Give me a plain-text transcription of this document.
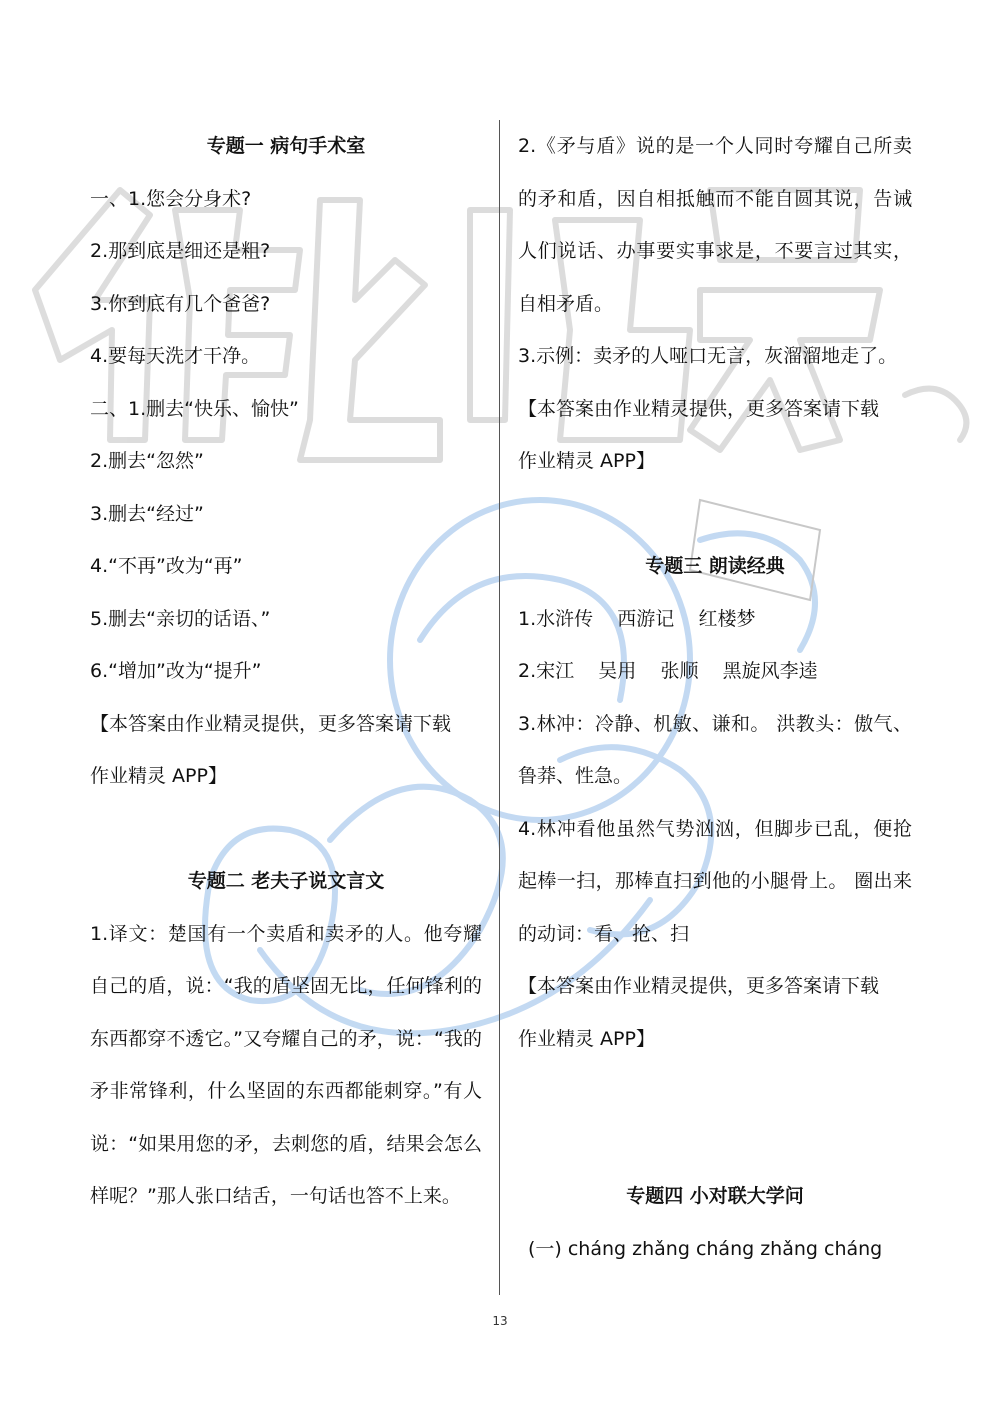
专题一 病句手术室
一、1.您会分身术?
2.那到底是细还是粗?
3.你到底有几个爸爸?
4.要每天洗才干净。
二、1.删去“快乐、愉快”
2.删去“忽然”
3.删去“经过”
4.“不再”改为“再”
5.删去“亲切的话语、”
6.“增加”改为“提升”
【本答案由作业精灵提供，更多答案请下载
作业精灵 APP】
专题二 老夫子说文言文
1.译文：楚国有一个卖盾和卖矛的人。他夸耀自己的盾，说：“我的盾坚固无比，任何锋利的东西都穿不透它。”又夸耀自己的矛，说：“我的矛非常锋利，什么坚固的东西都能刺穿。”有人说：“如果用您的矛，去刺您的盾，结果会怎么样呢？”那人张口结舌，一句话也答不上来。
2.《矛与盾》说的是一个人同时夸耀自己所卖的矛和盾，因自相抵触而不能自圆其说，告诫人们说话、办事要实事求是，不要言过其实，自相矛盾。
3.示例：卖矛的人哑口无言，灰溜溜地走了。
【本答案由作业精灵提供，更多答案请下载
作业精灵 APP】
专题三 朗读经典
1.水浒传    西游记    红楼梦
2.宋江    吴用    张顺    黑旋风李逵
3.林冲：冷静、机敏、谦和。 洪教头：傲气、鲁莽、性急。
4.林冲看他虽然气势汹汹，但脚步已乱，便抢起棒一扫，那棒直扫到他的小腿骨上。 圈出来的动词：看、抢、扫
【本答案由作业精灵提供，更多答案请下载
作业精灵 APP】
专题四 小对联大学问
(一) cháng zhǎng cháng zhǎng cháng
13
